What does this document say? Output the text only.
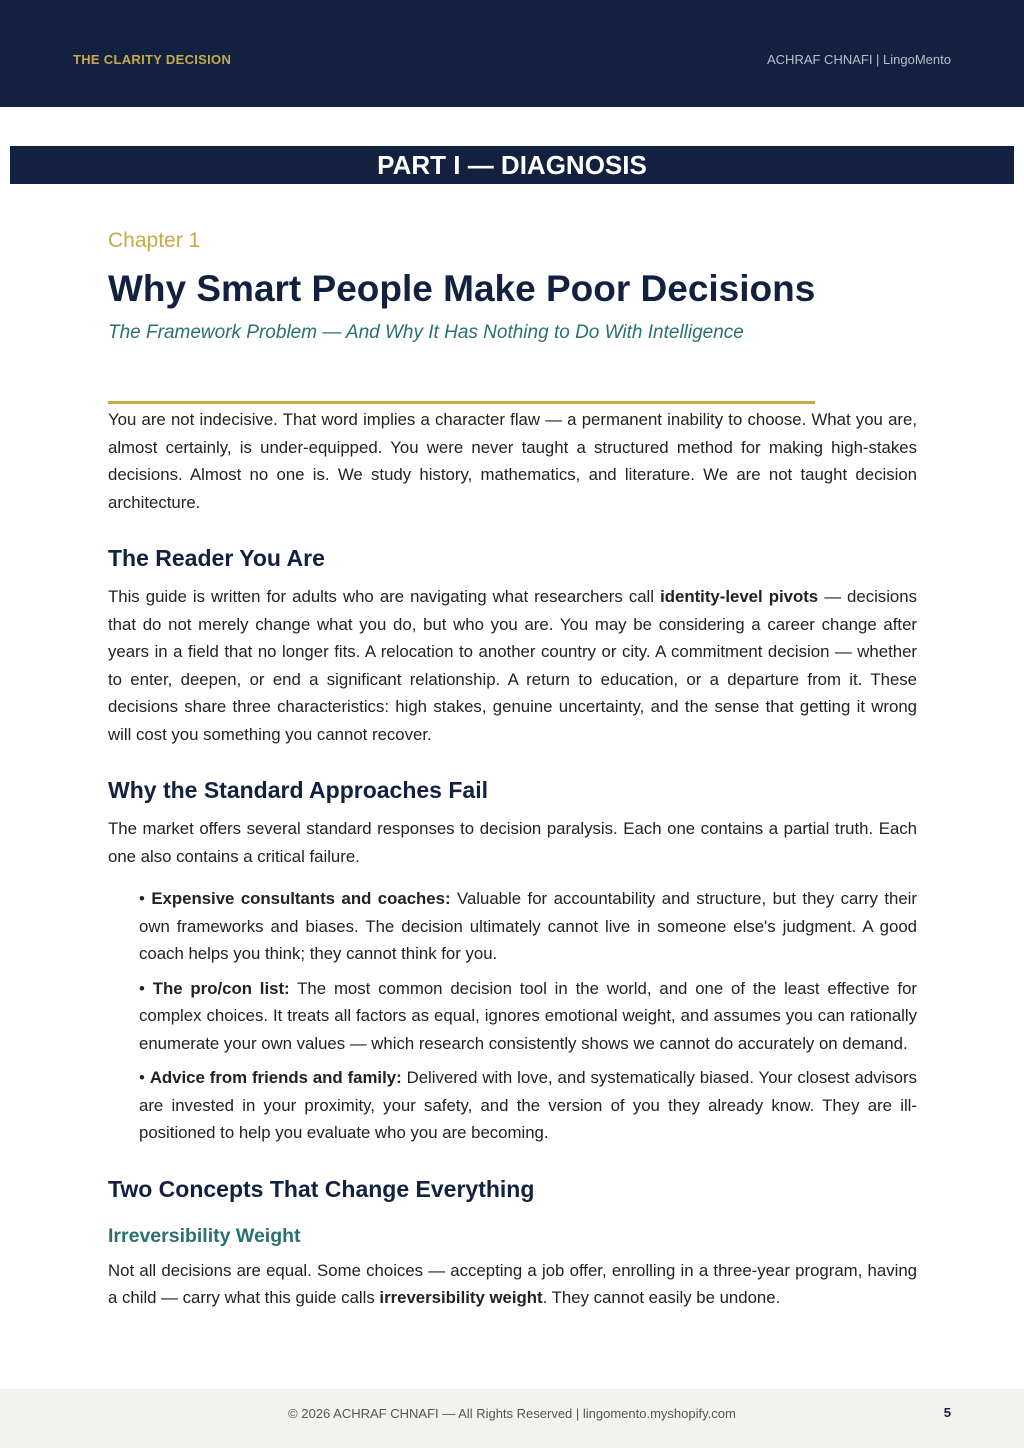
THE CLARITY DECISION	ACHRAF CHNAFI | LingoMento
PART I — DIAGNOSIS

Chapter 1

Why Smart People Make Poor Decisions

The Framework Problem — And Why It Has Nothing to Do With Intelligence

You are not indecisive. That word implies a character flaw — a permanent inability to choose. What you are, almost certainly, is under-equipped. You were never taught a structured method for making high-stakes decisions. Almost no one is. We study history, mathematics, and literature. We are not taught decision architecture.

The Reader You Are

This guide is written for adults who are navigating what researchers call identity-level pivots — decisions that do not merely change what you do, but who you are. You may be considering a career change after years in a field that no longer fits. A relocation to another country or city. A commitment decision — whether to enter, deepen, or end a significant relationship. A return to education, or a departure from it. These decisions share three characteristics: high stakes, genuine uncertainty, and the sense that getting it wrong will cost you something you cannot recover.

Why the Standard Approaches Fail

The market offers several standard responses to decision paralysis. Each one contains a partial truth. Each one also contains a critical failure.

• Expensive consultants and coaches: Valuable for accountability and structure, but they carry their own frameworks and biases. The decision ultimately cannot live in someone else's judgment. A good coach helps you think; they cannot think for you.
• The pro/con list: The most common decision tool in the world, and one of the least effective for complex choices. It treats all factors as equal, ignores emotional weight, and assumes you can rationally enumerate your own values — which research consistently shows we cannot do accurately on demand.
• Advice from friends and family: Delivered with love, and systematically biased. Your closest advisors are invested in your proximity, your safety, and the version of you they already know. They are ill-positioned to help you evaluate who you are becoming.
Two Concepts That Change Everything
Irreversibility Weight

Not all decisions are equal. Some choices — accepting a job offer, enrolling in a three-year program, having a child — carry what this guide calls irreversibility weight. They cannot easily be undone.

© 2026 ACHRAF CHNAFI — All Rights Reserved | lingomento.myshopify.com	5
